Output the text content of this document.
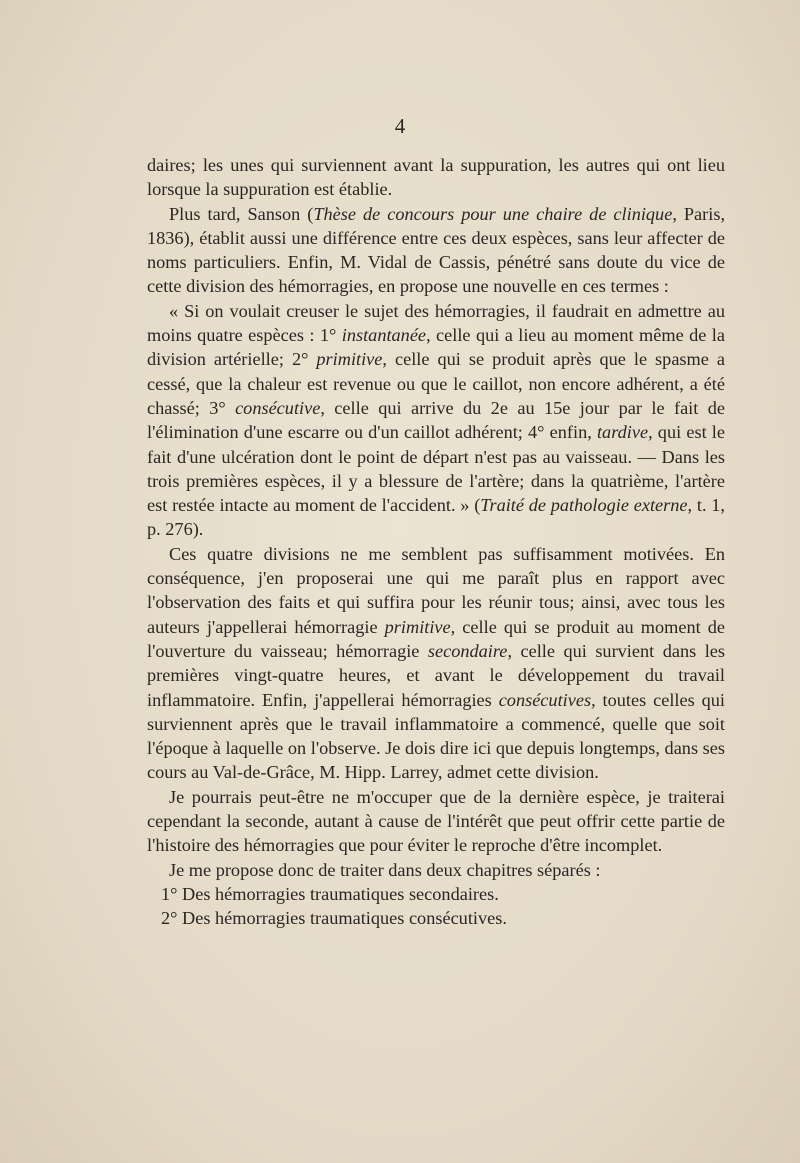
4

daires; les unes qui surviennent avant la suppuration, les autres qui ont lieu lorsque la suppuration est établie.

Plus tard, Sanson (Thèse de concours pour une chaire de clinique, Paris, 1836), établit aussi une différence entre ces deux espèces, sans leur affecter de noms particuliers. Enfin, M. Vidal de Cassis, pénétré sans doute du vice de cette division des hémorragies, en propose une nouvelle en ces termes :

« Si on voulait creuser le sujet des hémorragies, il faudrait en admettre au moins quatre espèces : 1° instantanée, celle qui a lieu au moment même de la division artérielle; 2° primitive, celle qui se produit après que le spasme a cessé, que la chaleur est revenue ou que le caillot, non encore adhérent, a été chassé; 3° consécutive, celle qui arrive du 2e au 15e jour par le fait de l'élimination d'une escarre ou d'un caillot adhérent; 4° enfin, tardive, qui est le fait d'une ulcération dont le point de départ n'est pas au vaisseau. — Dans les trois premières espèces, il y a blessure de l'artère; dans la quatrième, l'artère est restée intacte au moment de l'accident. » (Traité de pathologie externe, t. 1, p. 276).

Ces quatre divisions ne me semblent pas suffisamment motivées. En conséquence, j'en proposerai une qui me paraît plus en rapport avec l'observation des faits et qui suffira pour les réunir tous; ainsi, avec tous les auteurs j'appellerai hémorragie primitive, celle qui se produit au moment de l'ouverture du vaisseau; hémorragie secondaire, celle qui survient dans les premières vingt-quatre heures, et avant le développement du travail inflammatoire. Enfin, j'appellerai hémorragies consécutives, toutes celles qui surviennent après que le travail inflammatoire a commencé, quelle que soit l'époque à laquelle on l'observe. Je dois dire ici que depuis longtemps, dans ses cours au Val-de-Grâce, M. Hipp. Larrey, admet cette division.

Je pourrais peut-être ne m'occuper que de la dernière espèce, je traiterai cependant la seconde, autant à cause de l'intérêt que peut offrir cette partie de l'histoire des hémorragies que pour éviter le reproche d'être incomplet.

Je me propose donc de traiter dans deux chapitres séparés :

1° Des hémorragies traumatiques secondaires.

2° Des hémorragies traumatiques consécutives.
